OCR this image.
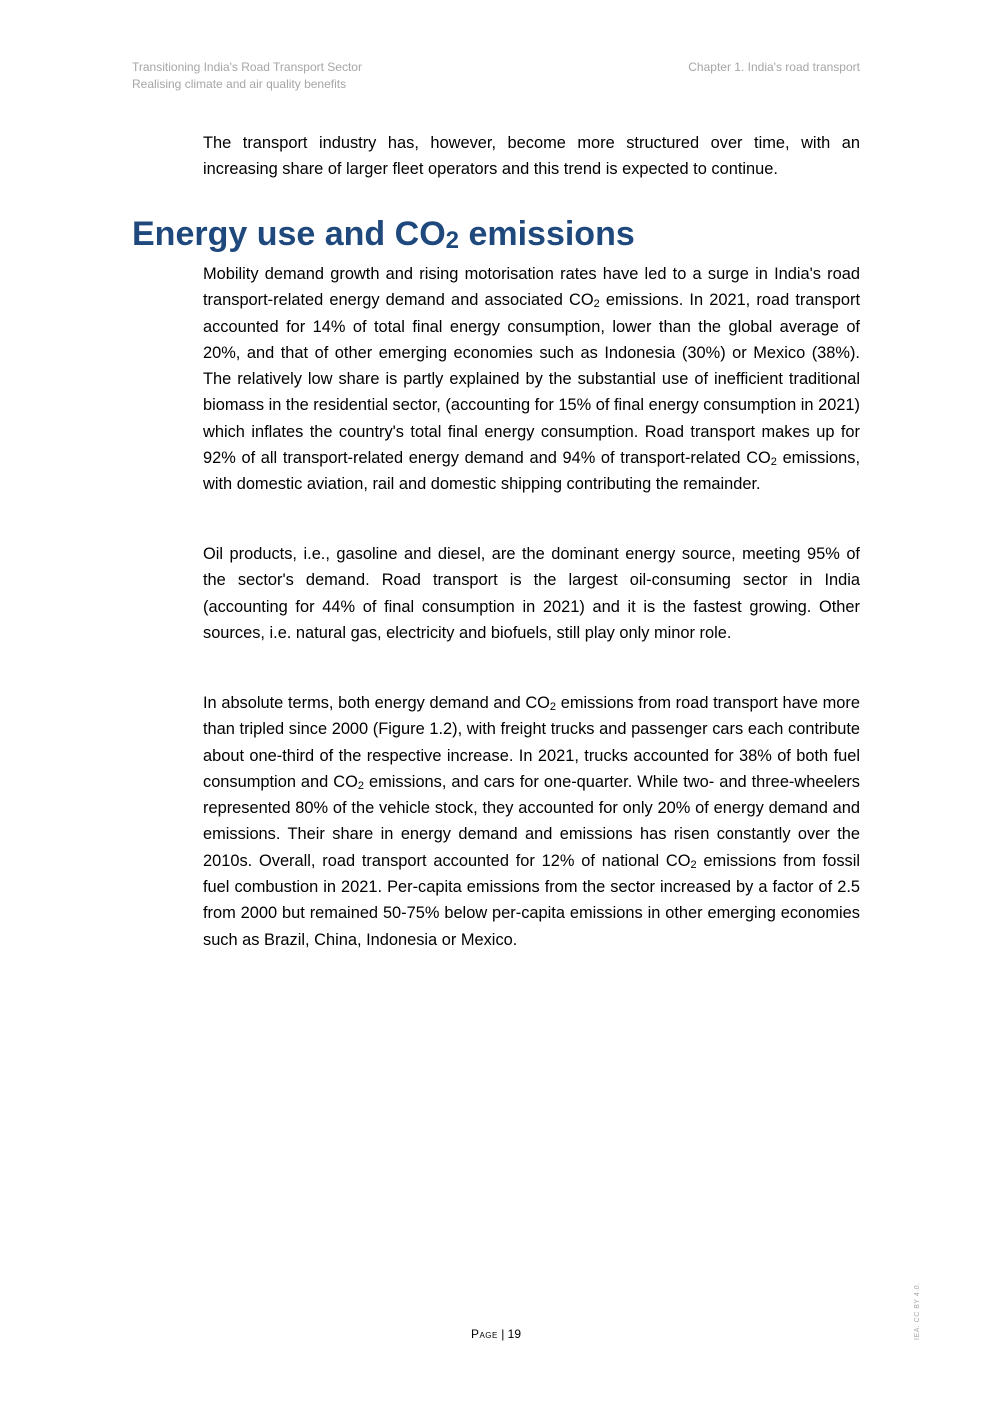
Transitioning India's Road Transport Sector
Realising climate and air quality benefits
Chapter 1. India's road transport

The transport industry has, however, become more structured over time, with an increasing share of larger fleet operators and this trend is expected to continue.

Energy use and $CO_2$ emissions

Mobility demand growth and rising motorisation rates have led to a surge in India's road transport-related energy demand and associated $CO_2$ emissions. In 2021, road transport accounted for 14% of total final energy consumption, lower than the global average of 20%, and that of other emerging economies such as Indonesia (30%) or Mexico (38%). The relatively low share is partly explained by the substantial use of inefficient traditional biomass in the residential sector, (accounting for 15% of final energy consumption in 2021) which inflates the country's total final energy consumption. Road transport makes up for 92% of all transport-related energy demand and 94% of transport-related $CO_2$ emissions, with domestic aviation, rail and domestic shipping contributing the remainder.

Oil products, i.e., gasoline and diesel, are the dominant energy source, meeting 95% of the sector's demand. Road transport is the largest oil-consuming sector in India (accounting for 44% of final consumption in 2021) and it is the fastest growing. Other sources, i.e. natural gas, electricity and biofuels, still play only minor role.

In absolute terms, both energy demand and $CO_2$ emissions from road transport have more than tripled since 2000 (Figure 1.2), with freight trucks and passenger cars each contribute about one-third of the respective increase. In 2021, trucks accounted for 38% of both fuel consumption and $CO_2$ emissions, and cars for one-quarter. While two- and three-wheelers represented 80% of the vehicle stock, they accounted for only 20% of energy demand and emissions. Their share in energy demand and emissions has risen constantly over the 2010s. Overall, road transport accounted for 12% of national $CO_2$ emissions from fossil fuel combustion in 2021. Per-capita emissions from the sector increased by a factor of 2.5 from 2000 but remained 50-75% below per-capita emissions in other emerging economies such as Brazil, China, Indonesia or Mexico.

Page | 19	IEA. CC BY 4.0.
